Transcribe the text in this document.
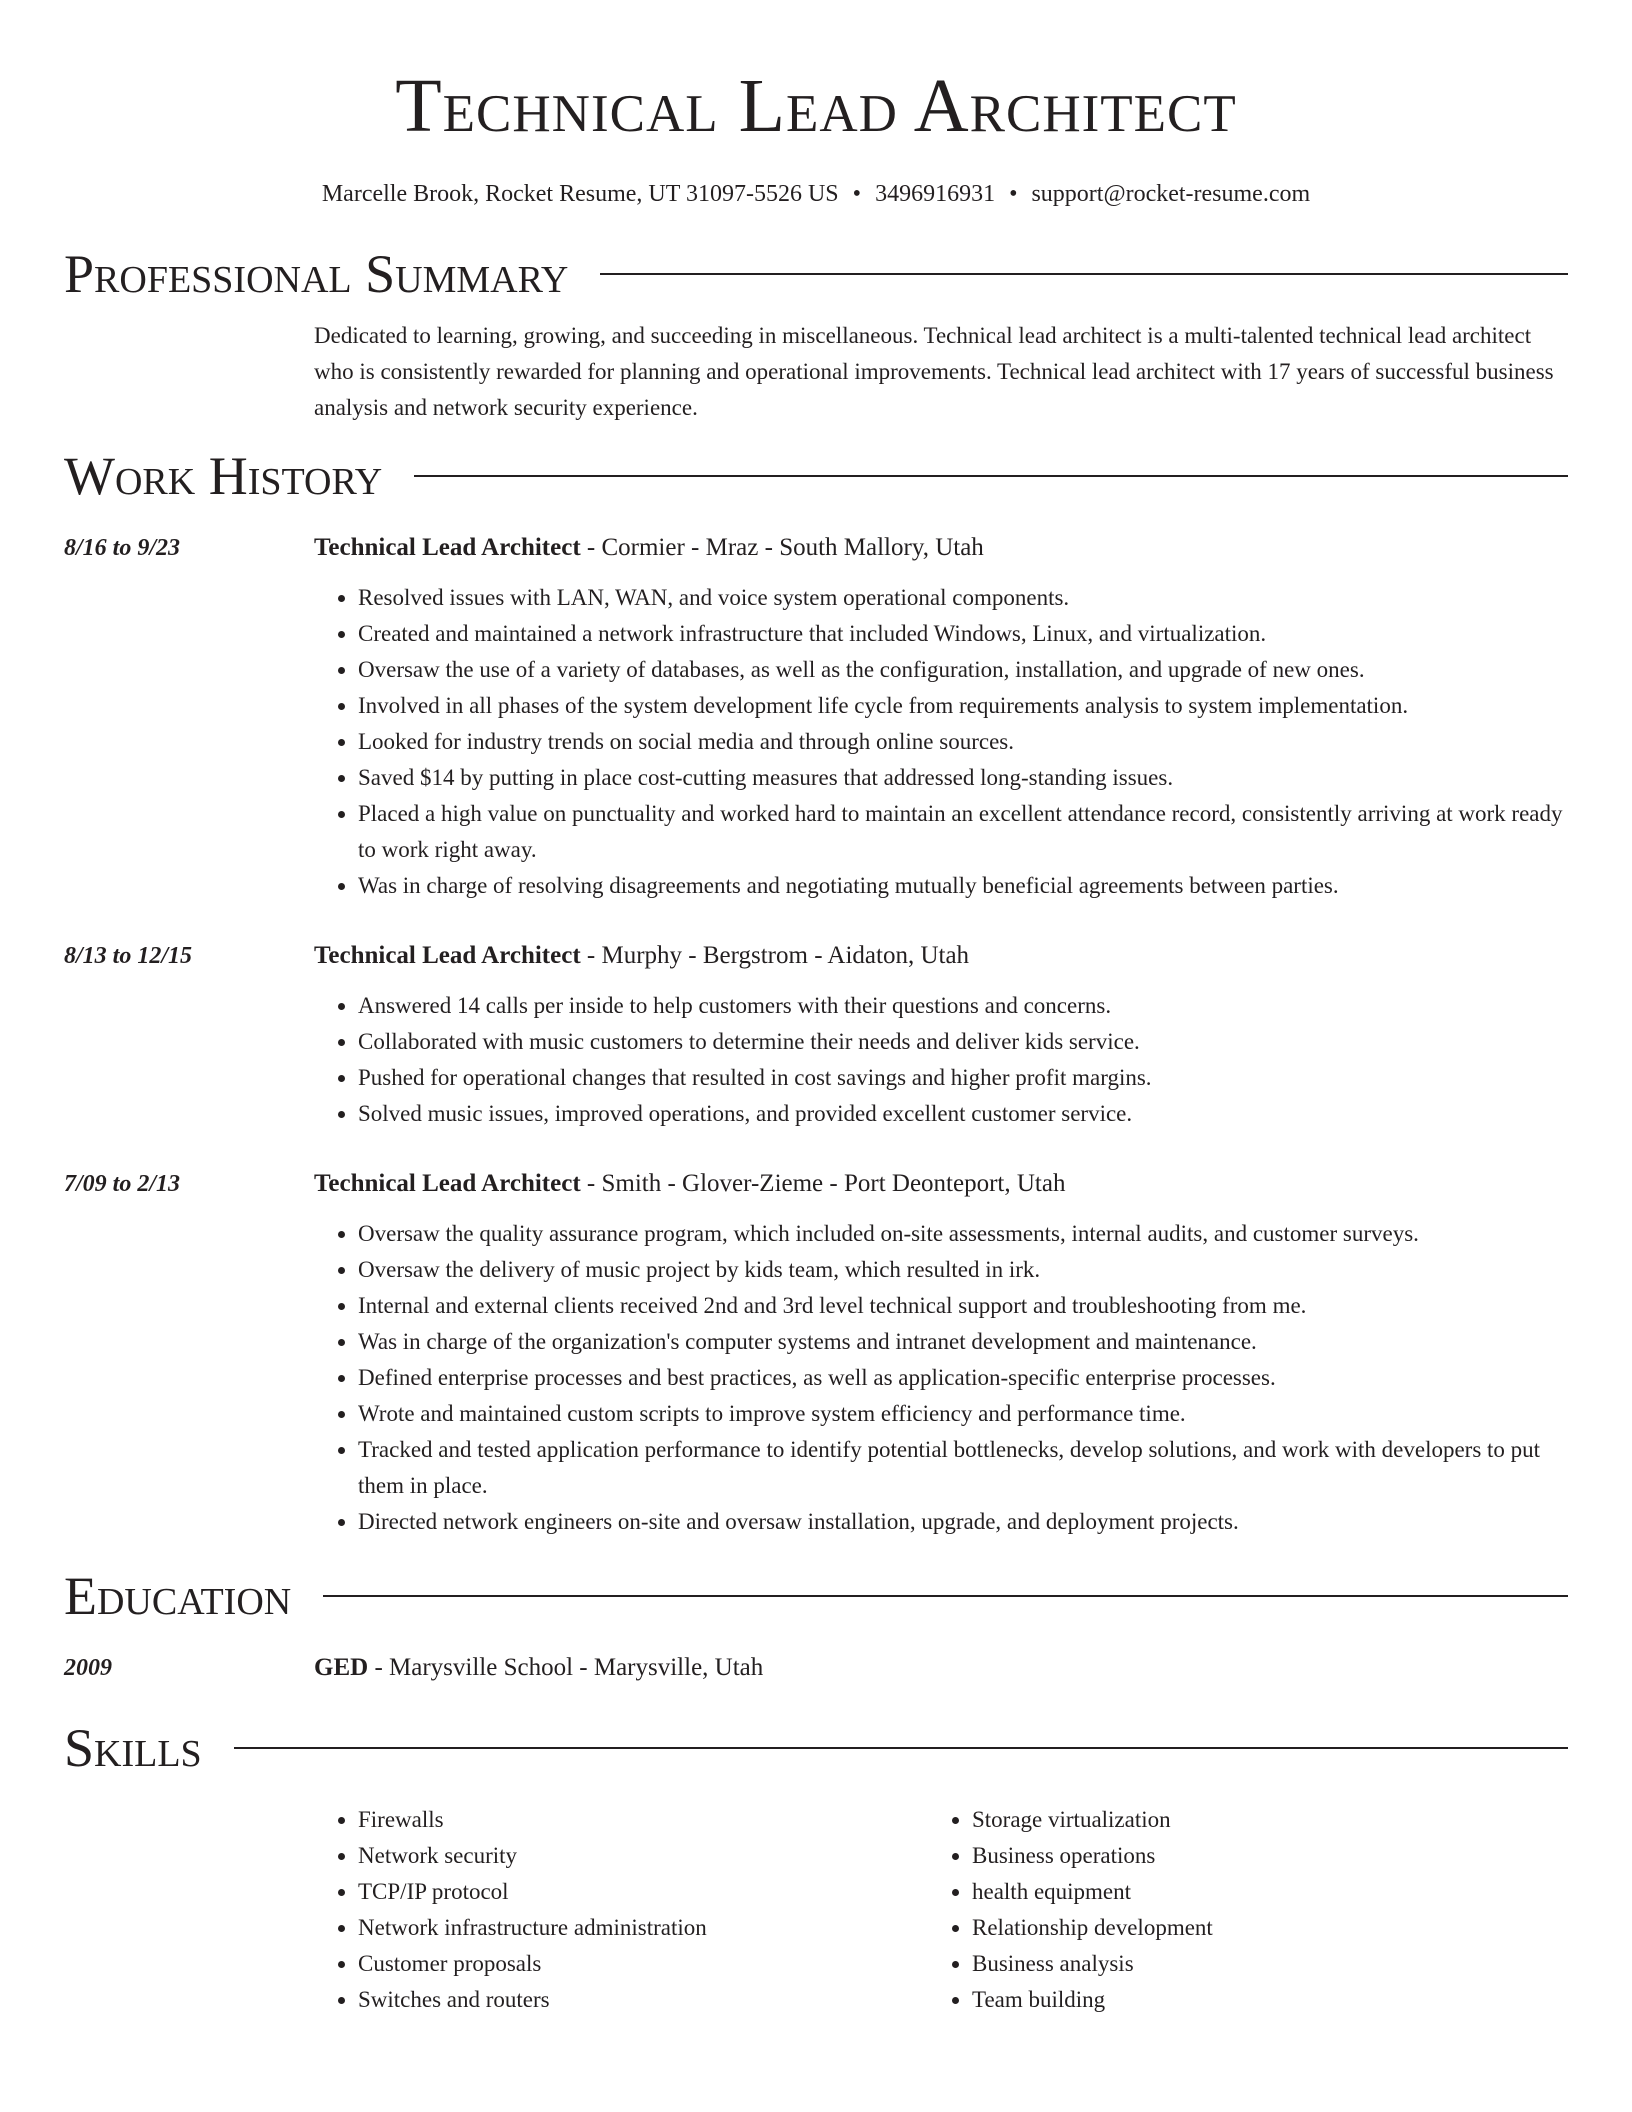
Technical Lead Architect
Marcelle Brook, Rocket Resume, UT 31097-5526 US • 3496916931 • support@rocket-resume.com
Professional Summary
Dedicated to learning, growing, and succeeding in miscellaneous. Technical lead architect is a multi-talented technical lead architect who is consistently rewarded for planning and operational improvements. Technical lead architect with 17 years of successful business analysis and network security experience.
Work History
8/16 to 9/23	Technical Lead Architect - Cormier - Mraz - South Mallory, Utah
• Resolved issues with LAN, WAN, and voice system operational components.
• Created and maintained a network infrastructure that included Windows, Linux, and virtualization.
• Oversaw the use of a variety of databases, as well as the configuration, installation, and upgrade of new ones.
• Involved in all phases of the system development life cycle from requirements analysis to system implementation.
• Looked for industry trends on social media and through online sources.
• Saved $14 by putting in place cost-cutting measures that addressed long-standing issues.
• Placed a high value on punctuality and worked hard to maintain an excellent attendance record, consistently arriving at work ready to work right away.
• Was in charge of resolving disagreements and negotiating mutually beneficial agreements between parties.
8/13 to 12/15	Technical Lead Architect - Murphy - Bergstrom - Aidaton, Utah
• Answered 14 calls per inside to help customers with their questions and concerns.
• Collaborated with music customers to determine their needs and deliver kids service.
• Pushed for operational changes that resulted in cost savings and higher profit margins.
• Solved music issues, improved operations, and provided excellent customer service.
7/09 to 2/13	Technical Lead Architect - Smith - Glover-Zieme - Port Deonteport, Utah
• Oversaw the quality assurance program, which included on-site assessments, internal audits, and customer surveys.
• Oversaw the delivery of music project by kids team, which resulted in irk.
• Internal and external clients received 2nd and 3rd level technical support and troubleshooting from me.
• Was in charge of the organization's computer systems and intranet development and maintenance.
• Defined enterprise processes and best practices, as well as application-specific enterprise processes.
• Wrote and maintained custom scripts to improve system efficiency and performance time.
• Tracked and tested application performance to identify potential bottlenecks, develop solutions, and work with developers to put them in place.
• Directed network engineers on-site and oversaw installation, upgrade, and deployment projects.
Education
2009	GED - Marysville School - Marysville, Utah
Skills
• Firewalls
• Network security
• TCP/IP protocol
• Network infrastructure administration
• Customer proposals
• Switches and routers
• Storage virtualization
• Business operations
• health equipment
• Relationship development
• Business analysis
• Team building
